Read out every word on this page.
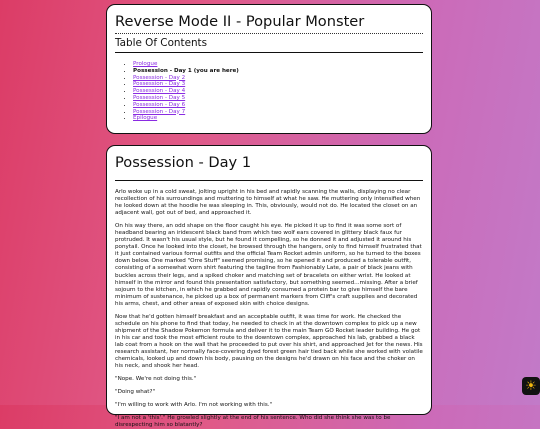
Reverse Mode II - Popular Monster
Table Of Contents
• Prologue
• Possession - Day 1 (you are here)
• Possession - Day 2
• Possession - Day 3
• Possession - Day 4
• Possession - Day 5
• Possession - Day 6
• Possession - Day 7
• Epilogue
Possession - Day 1

Arlo woke up in a cold sweat, jolting upright in his bed and rapidly scanning the walls, displaying no clear recollection of his surroundings and muttering to himself at what he saw. He muttering only intensified when he looked down at the hoodie he was sleeping in. This, obviously, would not do. He located the closet on an adjacent wall, got out of bed, and approached it.

On his way there, an odd shape on the floor caught his eye. He picked it up to find it was some sort of headband bearing an iridescent black band from which two wolf ears covered in glittery black faux fur protruded. It wasn't his usual style, but he found it compelling, so he donned it and adjusted it around his ponytail. Once he looked into the closet, he browsed through the hangers, only to find himself frustrated that it just contained various formal outfits and the official Team Rocket admin uniform, so he turned to the boxes down below. One marked "Orre Stuff" seemed promising, so he opened it and produced a tolerable outfit, consisting of a somewhat worn shirt featuring the tagline from Fashionably Late, a pair of black jeans with buckles across their legs, and a spiked choker and matching set of bracelets on either wrist. He looked at himself in the mirror and found this presentation satisfactory, but something seemed...missing. After a brief sojourn to the kitchen, in which he grabbed and rapidly consumed a protein bar to give himself the bare minimum of sustenance, he picked up a box of permanent markers from Cliff's craft supplies and decorated his arms, chest, and other areas of exposed skin with choice designs.

Now that he'd gotten himself breakfast and an acceptable outfit, it was time for work. He checked the schedule on his phone to find that today, he needed to check in at the downtown complex to pick up a new shipment of the Shadow Pokemon formula and deliver it to the main Team GO Rocket leader building. He got in his car and took the most efficient route to the downtown complex, approached his lab, grabbed a black lab coat from a hook on the wall that he proceeded to put over his shirt, and approached Jet for the news. His research assistant, her normally face-covering dyed forest green hair tied back while she worked with volatile chemicals, looked up and down his body, pausing on the designs he'd drawn on his face and the choker on his neck, and shook her head.

"Nope. We're not doing this."

"Doing what?"

"I'm willing to work with Arlo. I'm not working with this."

"I am not a 'this'." He growled slightly at the end of his sentence. Who did she think she was to be disrespecting him so blatantly?

☀
